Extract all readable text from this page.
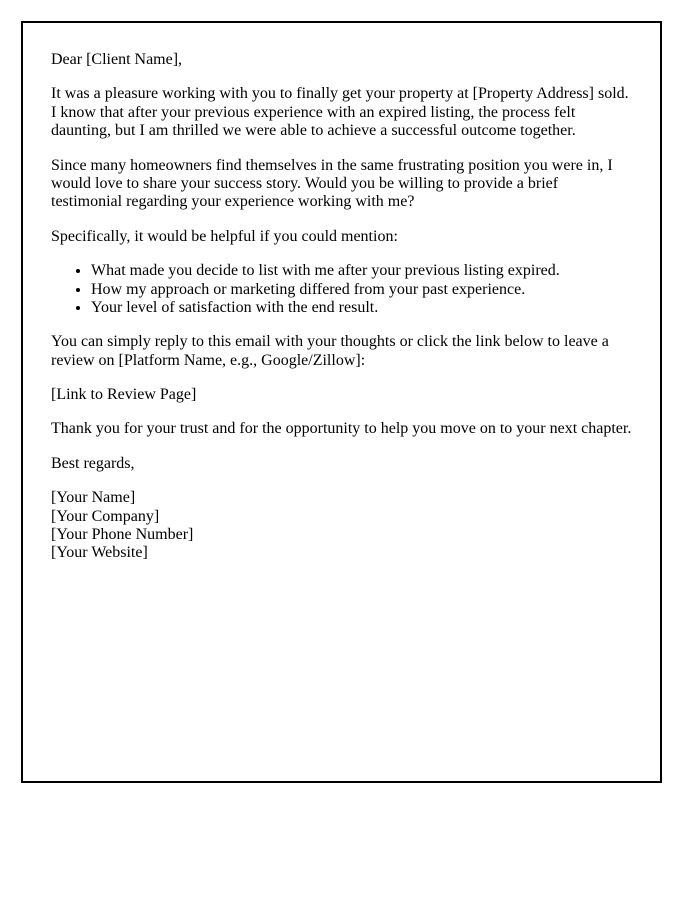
Dear [Client Name],

It was a pleasure working with you to finally get your property at [Property Address] sold. I know that after your previous experience with an expired listing, the process felt daunting, but I am thrilled we were able to achieve a successful outcome together.

Since many homeowners find themselves in the same frustrating position you were in, I would love to share your success story. Would you be willing to provide a brief testimonial regarding your experience working with me?

Specifically, it would be helpful if you could mention:

• What made you decide to list with me after your previous listing expired.
• How my approach or marketing differed from your past experience.
• Your level of satisfaction with the end result.

You can simply reply to this email with your thoughts or click the link below to leave a review on [Platform Name, e.g., Google/Zillow]:

[Link to Review Page]

Thank you for your trust and for the opportunity to help you move on to your next chapter.

Best regards,

[Your Name]
[Your Company]
[Your Phone Number]
[Your Website]
